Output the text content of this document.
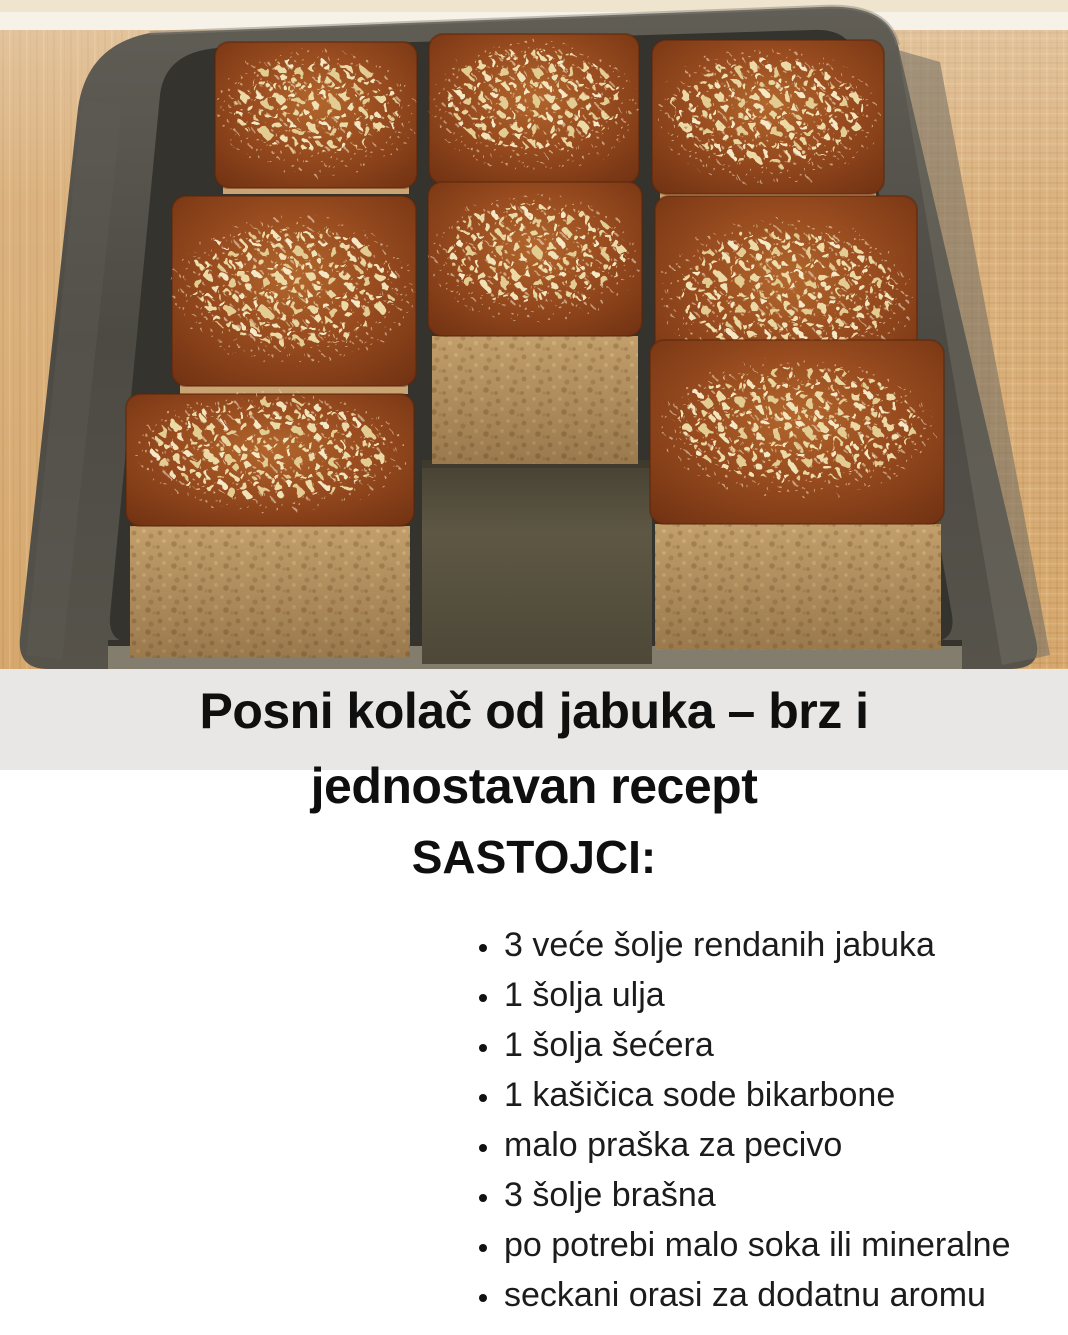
Posni kolač od jabuka – brz i
jednostavan recept
SASTOJCI:
• 3 veće šolje rendanih jabuka
• 1 šolja ulja
• 1 šolja šećera
• 1 kašičica sode bikarbone
• malo praška za pecivo
• 3 šolje brašna
• po potrebi malo soka ili mineralne
• seckani orasi za dodatnu aromu
